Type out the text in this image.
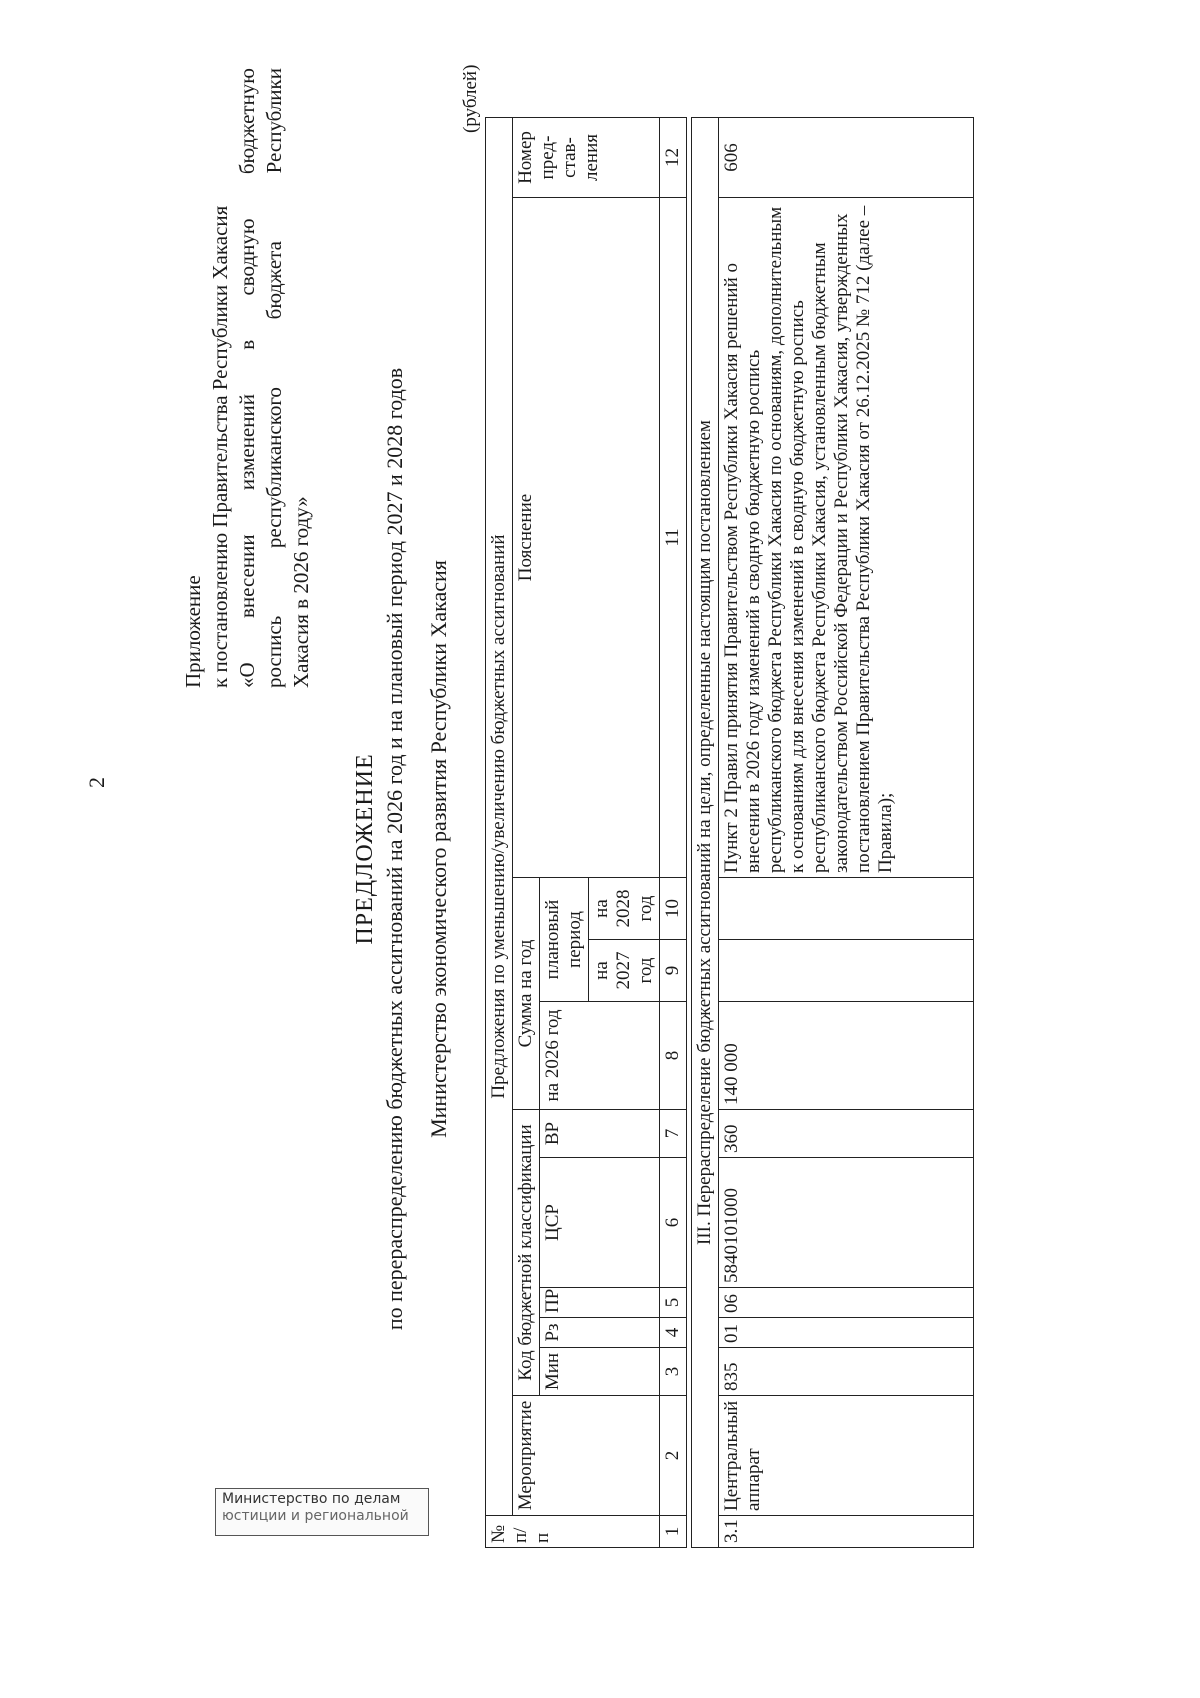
2
Приложение к постановлению Правительства Республики Хакасия «О внесении изменений в сводную бюджетную роспись республиканского бюджета Республики Хакасия в 2026 году»
ПРЕДЛОЖЕНИЕ по перераспределению бюджетных ассигнований на 2026 год и на плановый период 2027 и 2028 годов Министерство экономического развития Республики Хакасия
(рублей)
№ п/п	Предложения по уменьшению/увеличению бюджетных ассигнований										
	Мероприятие	Код бюджетной классификации					Сумма на год			Пояснение	Номер пред-став-ления
		Мин	Рз	ПР	ЦСР	ВР	на 2026 год	плановый период			
								на 2027 год	на 2028 год		
1	2	3	4	5	6	7	8	9	10	11	12

III. Перераспределение бюджетных ассигнований на цели, определенные настоящим постановлением											
3.1	Центральный аппарат	835	01	06	5840101000	360	140 000			Пункт 2 Правил принятия Правительством Республики Хакасия решений о внесении в 2026 году изменений в сводную бюджетную роспись республиканского бюджета Республики Хакасия по основаниям, дополнительным к основаниям для внесения изменений в сводную бюджетную роспись республиканского бюджета Республики Хакасия, установленным бюджетным законодательством Российской Федерации и Республики Хакасия, утвержденных постановлением Правительства Республики Хакасия от 26.12.2025 № 712 (далее – Правила);	606
Министерство по делам
юстиции и региональной
